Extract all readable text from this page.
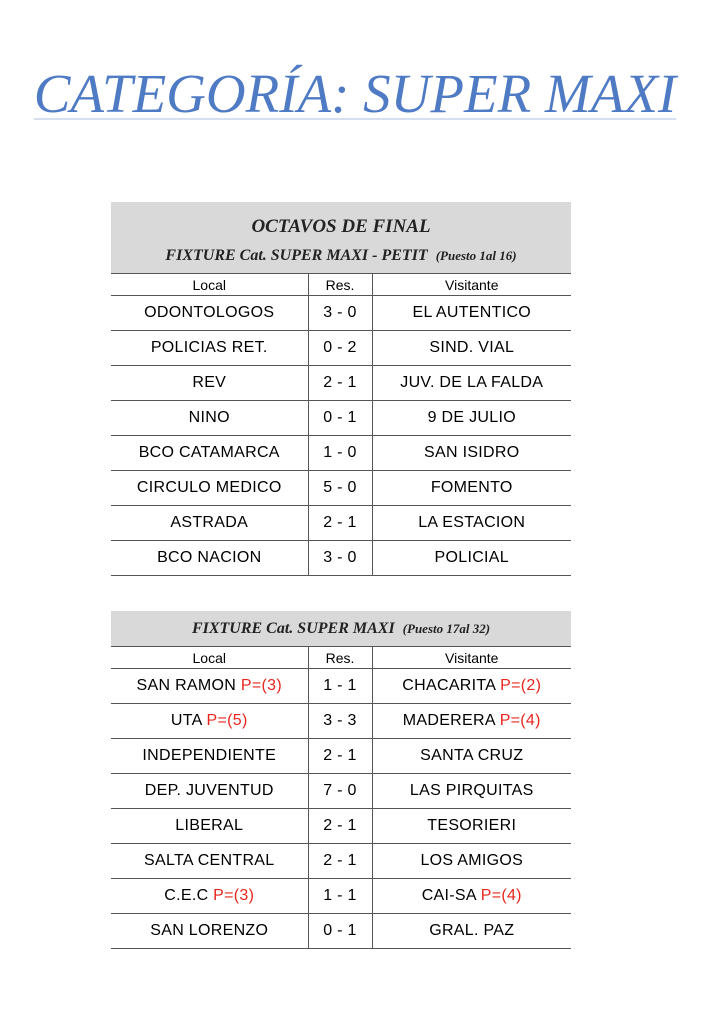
CATEGORÍA: SUPER MAXI
OCTAVOS DE FINAL		
FIXTURE Cat. SUPER MAXI - PETIT (Puesto 1al 16)		
Local	Res.	Visitante
ODONTOLOGOS	3 - 0	EL AUTENTICO
POLICIAS RET.	0 - 2	SIND. VIAL
REV	2 - 1	JUV. DE LA FALDA
NINO	0 - 1	9 DE JULIO
BCO CATAMARCA	1 - 0	SAN ISIDRO
CIRCULO MEDICO	5 - 0	FOMENTO
ASTRADA	2 - 1	LA ESTACION
BCO NACION	3 - 0	POLICIAL
FIXTURE Cat. SUPER MAXI (Puesto 17al 32)		
Local	Res.	Visitante
SAN RAMON P=(3)	1 - 1	CHACARITA P=(2)
UTA P=(5)	3 - 3	MADERERA P=(4)
INDEPENDIENTE	2 - 1	SANTA CRUZ
DEP. JUVENTUD	7 - 0	LAS PIRQUITAS
LIBERAL	2 - 1	TESORIERI
SALTA CENTRAL	2 - 1	LOS AMIGOS
C.E.C P=(3)	1 - 1	CAI-SA P=(4)
SAN LORENZO	0 - 1	GRAL. PAZ
